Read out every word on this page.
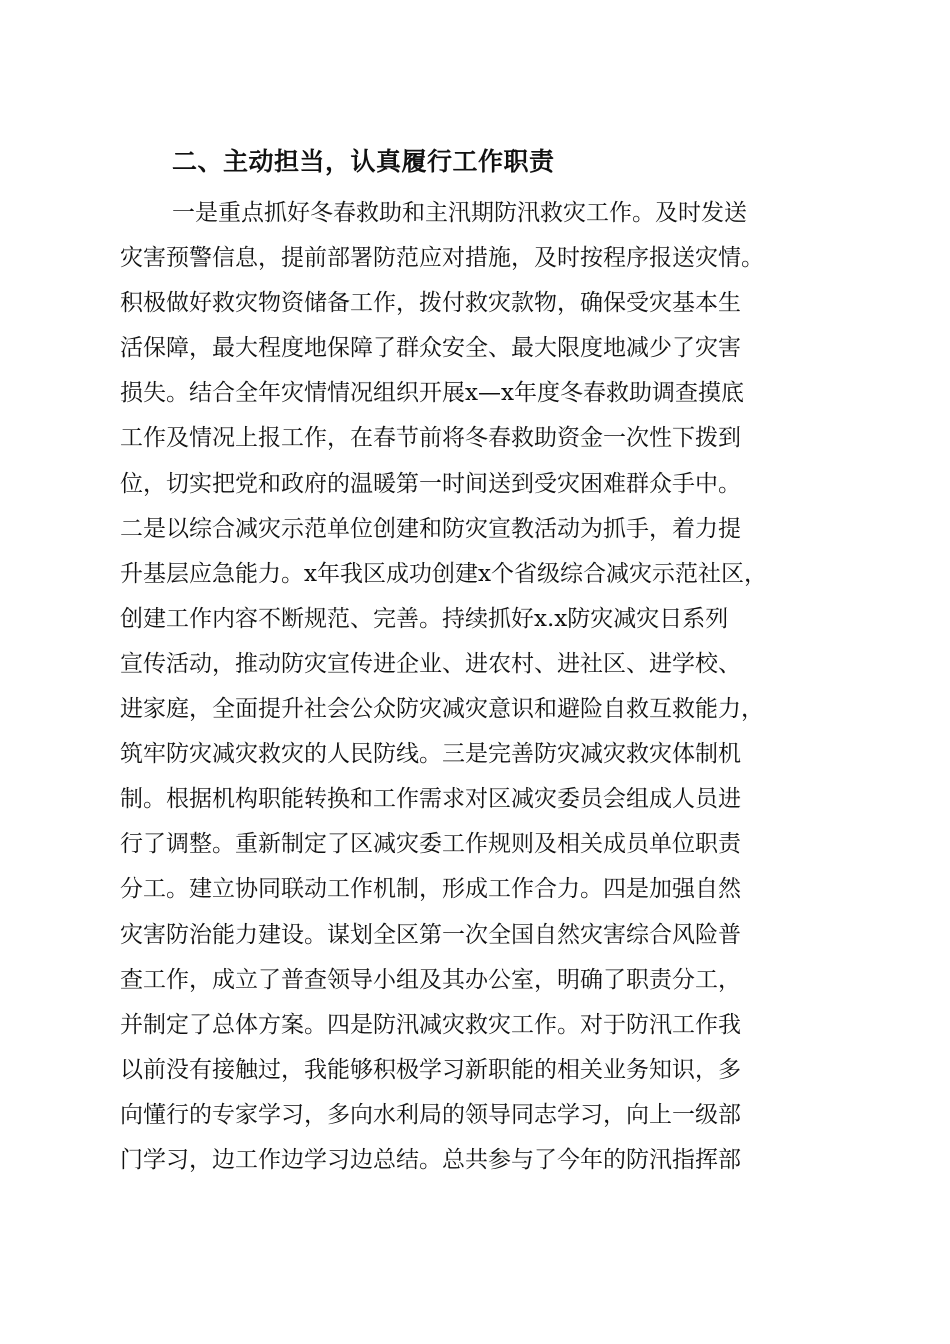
二、主动担当，认真履行工作职责
一是重点抓好冬春救助和主汛期防汛救灾工作。及时发送
灾害预警信息，提前部署防范应对措施，及时按程序报送灾情。
积极做好救灾物资储备工作，拨付救灾款物，确保受灾基本生
活保障，最大程度地保障了群众安全、最大限度地减少了灾害
损失。结合全年灾情情况组织开展x—x年度冬春救助调查摸底
工作及情况上报工作，在春节前将冬春救助资金一次性下拨到
位，切实把党和政府的温暖第一时间送到受灾困难群众手中。
二是以综合减灾示范单位创建和防灾宣教活动为抓手，着力提
升基层应急能力。x年我区成功创建x个省级综合减灾示范社区，
创建工作内容不断规范、完善。持续抓好x.x防灾减灾日系列
宣传活动，推动防灾宣传进企业、进农村、进社区、进学校、
进家庭，全面提升社会公众防灾减灾意识和避险自救互救能力，
筑牢防灾减灾救灾的人民防线。三是完善防灾减灾救灾体制机
制。根据机构职能转换和工作需求对区减灾委员会组成人员进
行了调整。重新制定了区减灾委工作规则及相关成员单位职责
分工。建立协同联动工作机制，形成工作合力。四是加强自然
灾害防治能力建设。谋划全区第一次全国自然灾害综合风险普
查工作，成立了普查领导小组及其办公室，明确了职责分工，
并制定了总体方案。四是防汛减灾救灾工作。对于防汛工作我
以前没有接触过，我能够积极学习新职能的相关业务知识，多
向懂行的专家学习，多向水利局的领导同志学习，向上一级部
门学习，边工作边学习边总结。总共参与了今年的防汛指挥部
